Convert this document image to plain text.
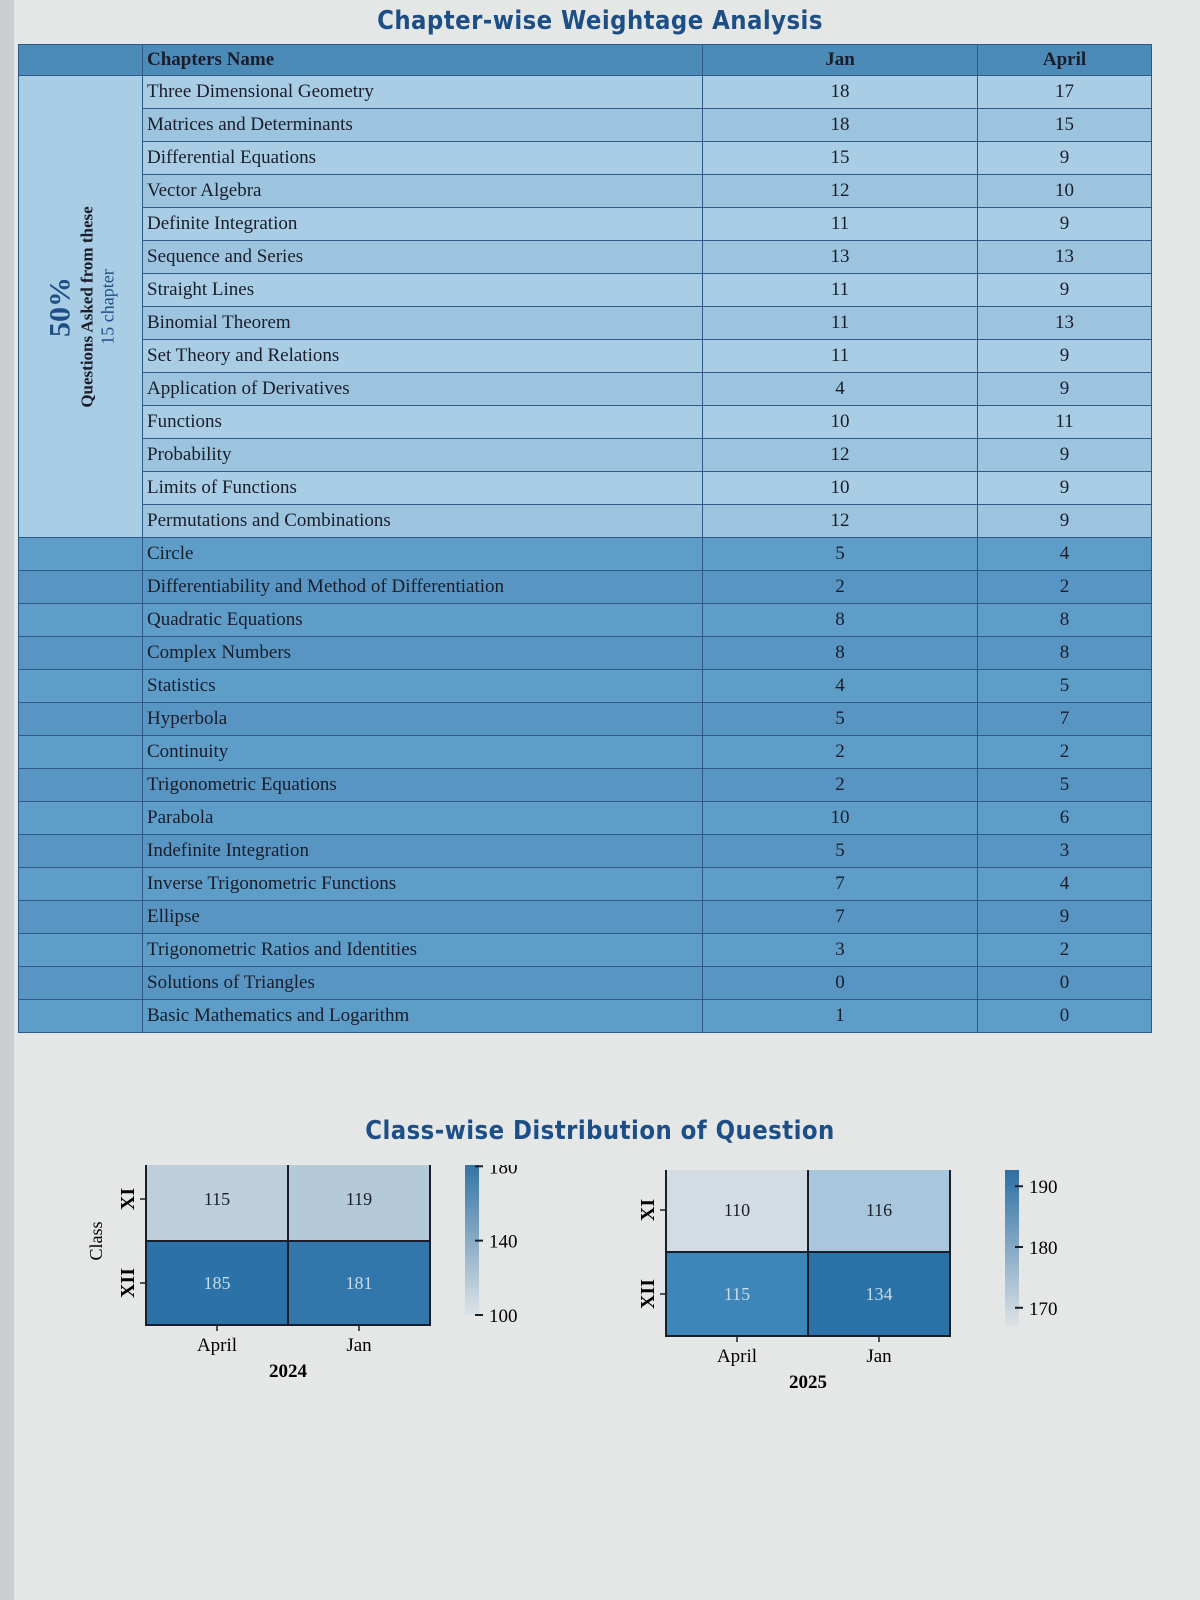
Chapter-wise Weightage Analysis
	Chapters Name	Jan	April

50% Questions Asked from these 15 chapter	Three Dimensional Geometry	18	17
	Matrices and Determinants	18	15
	Differential Equations	15	9
	Vector Algebra	12	10
	Definite Integration	11	9
	Sequence and Series	13	13
	Straight Lines	11	9
	Binomial Theorem	11	13
	Set Theory and Relations	11	9
	Application of Derivatives	4	9
	Functions	10	11
	Probability	12	9
	Limits of Functions	10	9
	Permutations and Combinations	12	9
	Circle	5	4
	Differentiability and Method of Differentiation	2	2
	Quadratic Equations	8	8
	Complex Numbers	8	8
	Statistics	4	5
	Hyperbola	5	7
	Continuity	2	2
	Trigonometric Equations	2	5
	Parabola	10	6
	Indefinite Integration	5	3
	Inverse Trigonometric Functions	7	4
	Ellipse	7	9
	Trigonometric Ratios and Identities	3	2
	Solutions of Triangles	0	0
	Basic Mathematics and Logarithm	1	0
Class-wise Distribution of Question
115	119
185	181
XI
XII
April	Jan
2024
Class
180
140
100
110	116
115	134
XI
XII
April	Jan
2025
190
180
170
